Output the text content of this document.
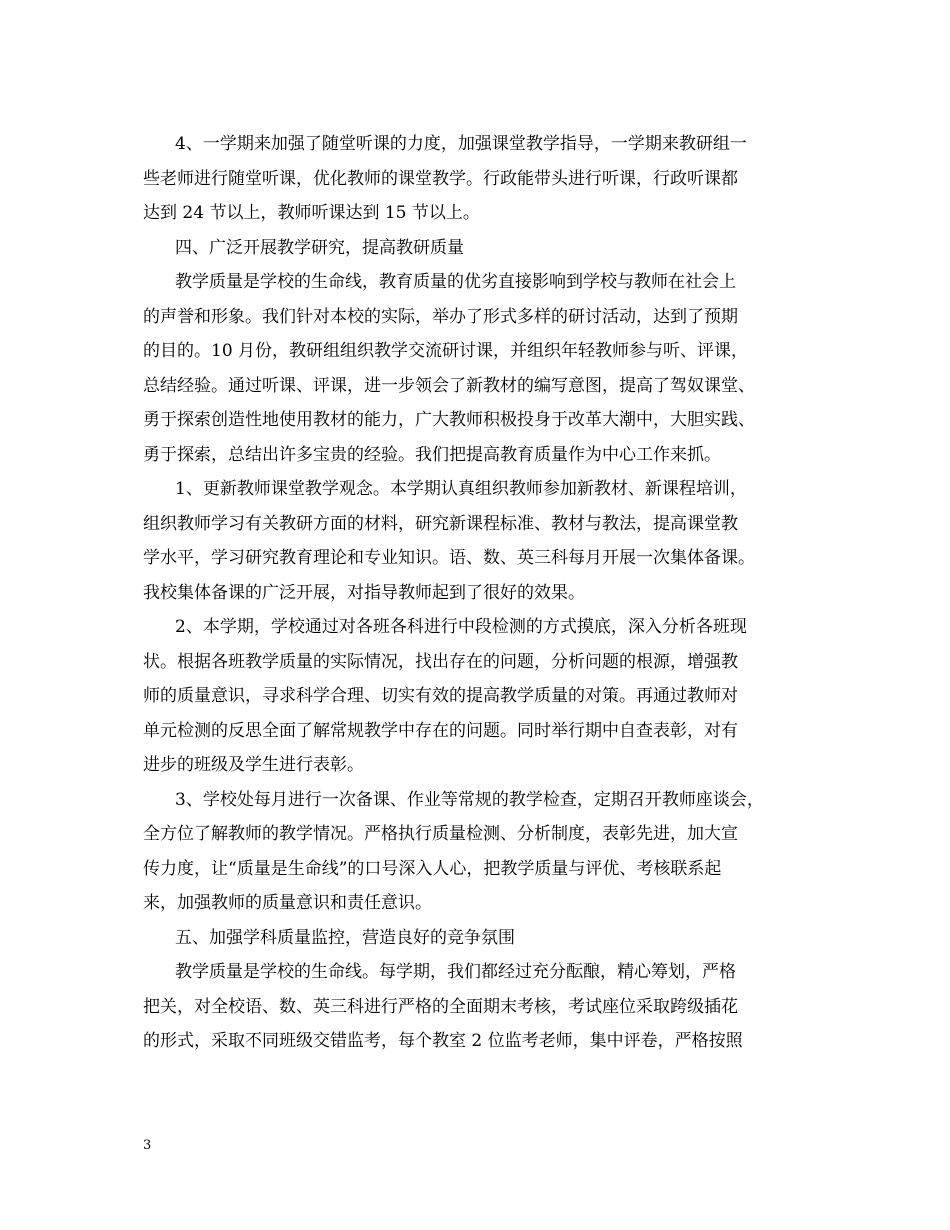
4、一学期来加强了随堂听课的力度，加强课堂教学指导，一学期来教研组一
些老师进行随堂听课，优化教师的课堂教学。行政能带头进行听课，行政听课都
达到 24 节以上，教师听课达到 15 节以上。
四、广泛开展教学研究，提高教研质量
教学质量是学校的生命线，教育质量的优劣直接影响到学校与教师在社会上
的声誉和形象。我们针对本校的实际，举办了形式多样的研讨活动，达到了预期
的目的。10 月份，教研组组织教学交流研讨课，并组织年轻教师参与听、评课，
总结经验。通过听课、评课，进一步领会了新教材的编写意图，提高了驾奴课堂、
勇于探索创造性地使用教材的能力，广大教师积极投身于改革大潮中，大胆实践、
勇于探索，总结出许多宝贵的经验。我们把提高教育质量作为中心工作来抓。
1、更新教师课堂教学观念。本学期认真组织教师参加新教材、新课程培训，
组织教师学习有关教研方面的材料，研究新课程标准、教材与教法，提高课堂教
学水平，学习研究教育理论和专业知识。语、数、英三科每月开展一次集体备课。
我校集体备课的广泛开展，对指导教师起到了很好的效果。
2、本学期，学校通过对各班各科进行中段检测的方式摸底，深入分析各班现
状。根据各班教学质量的实际情况，找出存在的问题，分析问题的根源，增强教
师的质量意识，寻求科学合理、切实有效的提高教学质量的对策。再通过教师对
单元检测的反思全面了解常规教学中存在的问题。同时举行期中自查表彰，对有
进步的班级及学生进行表彰。
3、学校处每月进行一次备课、作业等常规的教学检查，定期召开教师座谈会，
全方位了解教师的教学情况。严格执行质量检测、分析制度，表彰先进，加大宣
传力度，让“质量是生命线”的口号深入人心，把教学质量与评优、考核联系起
来，加强教师的质量意识和责任意识。
五、加强学科质量监控，营造良好的竞争氛围
教学质量是学校的生命线。每学期，我们都经过充分酝酿，精心筹划，严格
把关，对全校语、数、英三科进行严格的全面期末考核，考试座位采取跨级插花
的形式，采取不同班级交错监考，每个教室 2 位监考老师，集中评卷，严格按照
3
